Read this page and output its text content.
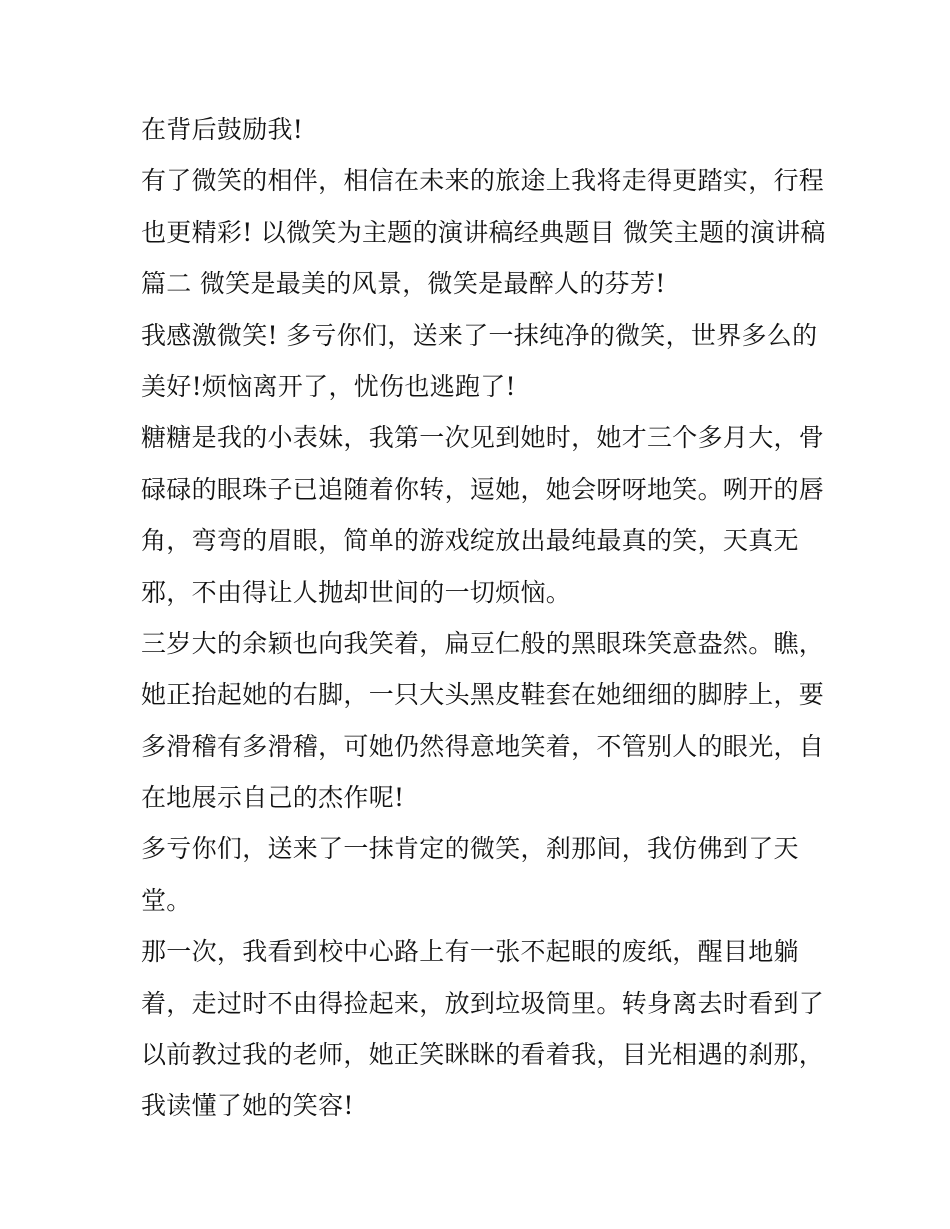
在背后鼓励我!
有了微笑的相伴，相信在未来的旅途上我将走得更踏实，行程
也更精彩! 以微笑为主题的演讲稿经典题目 微笑主题的演讲稿
篇二 微笑是最美的风景，微笑是最醉人的芬芳!
我感激微笑! 多亏你们，送来了一抹纯净的微笑，世界多么的
美好!烦恼离开了，忧伤也逃跑了!
糖糖是我的小表妹，我第一次见到她时，她才三个多月大，骨
碌碌的眼珠子已追随着你转，逗她，她会呀呀地笑。咧开的唇
角，弯弯的眉眼，简单的游戏绽放出最纯最真的笑，天真无
邪，不由得让人抛却世间的一切烦恼。
三岁大的余颖也向我笑着，扁豆仁般的黑眼珠笑意盎然。瞧，
她正抬起她的右脚，一只大头黑皮鞋套在她细细的脚脖上，要
多滑稽有多滑稽，可她仍然得意地笑着，不管别人的眼光，自
在地展示自己的杰作呢!
多亏你们，送来了一抹肯定的微笑，刹那间，我仿佛到了天
堂。
那一次，我看到校中心路上有一张不起眼的废纸，醒目地躺
着，走过时不由得捡起来，放到垃圾筒里。转身离去时看到了
以前教过我的老师，她正笑眯眯的看着我，目光相遇的刹那，
我读懂了她的笑容!
